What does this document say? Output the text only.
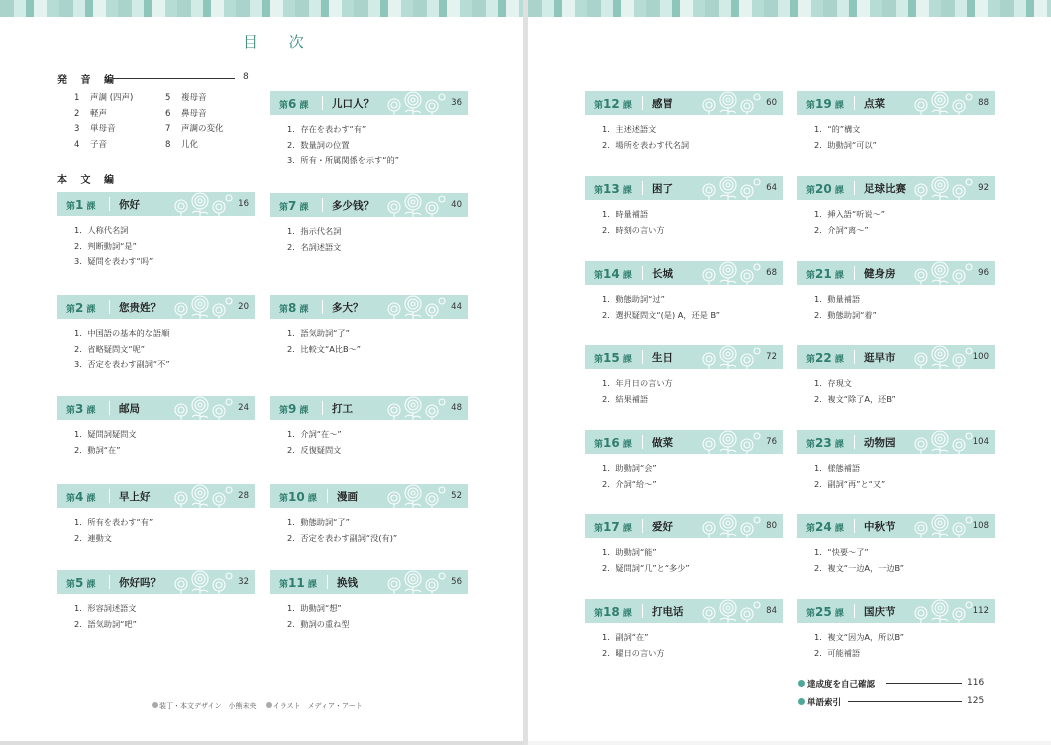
目 次
発 音 編	8
1 声調 (四声)
2 軽声
3 単母音
4 子音
5 複母音
6 鼻母音
7 声調の変化
8 儿化
本 文 編
第1 課 你好	16
1．人称代名詞
2．判断動詞“是”
3．疑問を表わす“吗”
第2 課 您贵姓？	20
1．中国語の基本的な語順
2．省略疑問文“呢”
3．否定を表わす副詞“不”
第3 課 邮局	24
1．疑問詞疑問文
2．動詞“在”
第4 課 早上好	28
1．所有を表わす“有”
2．連動文
第5 課 你好吗？	32
1．形容詞述語文
2．語気助詞“吧”
第6 課 儿口人？	36
1．存在を表わす“有”
2．数量詞の位置
3．所有・所属関係を示す“的”
第7 課 多少钱？	40
1．指示代名詞
2．名詞述語文
第8 課 多大？	44
1．語気助詞“了”
2．比較文“A比B～”
第9 課 打工	48
1．介詞“在～”
2．反復疑問文
第10 課 漫画	52
1．動態助詞“了”
2．否定を表わす副詞“没(有)”
第11 課 换钱	56
1．助動詞“想”
2．動詞の重ね型
第12 課 感冒	60
1．主述述語文
2．場所を表わす代名詞
第13 課 困了	64
1．時量補語
2．時刻の言い方
第14 課 长城	68
1．動態助詞“过”
2．選択疑問文“(是) A，还是 B”
第15 課 生日	72
1．年月日の言い方
2．結果補語
第16 課 做菜	76
1．助動詞“会”
2．介詞“给～”
第17 課 爱好	80
1．助動詞“能”
2．疑問詞“几”と“多少”
第18 課 打电话	84
1．副詞“在”
2．曜日の言い方
第19 課 点菜	88
1．“的”構文
2．助動詞“可以”
第20 課 足球比赛	92
1．挿入語“听说～”
2．介詞“离～”
第21 課 健身房	96
1．動量補語
2．動態助詞“着”
第22 課 逛早市	100
1．存現文
2．複文“除了A，还B”
第23 課 动物园	104
1．様態補語
2．副詞“再”と“又”
第24 課 中秋节	108
1．“快要～了”
2．複文“一边A，一边B”
第25 課 国庆节	112
1．複文“因为A，所以B”
2．可能補語
達成度を自己確認	116
単語索引	125
装丁・本文デザイン　小熊未央　 イラスト　メディア・アート
